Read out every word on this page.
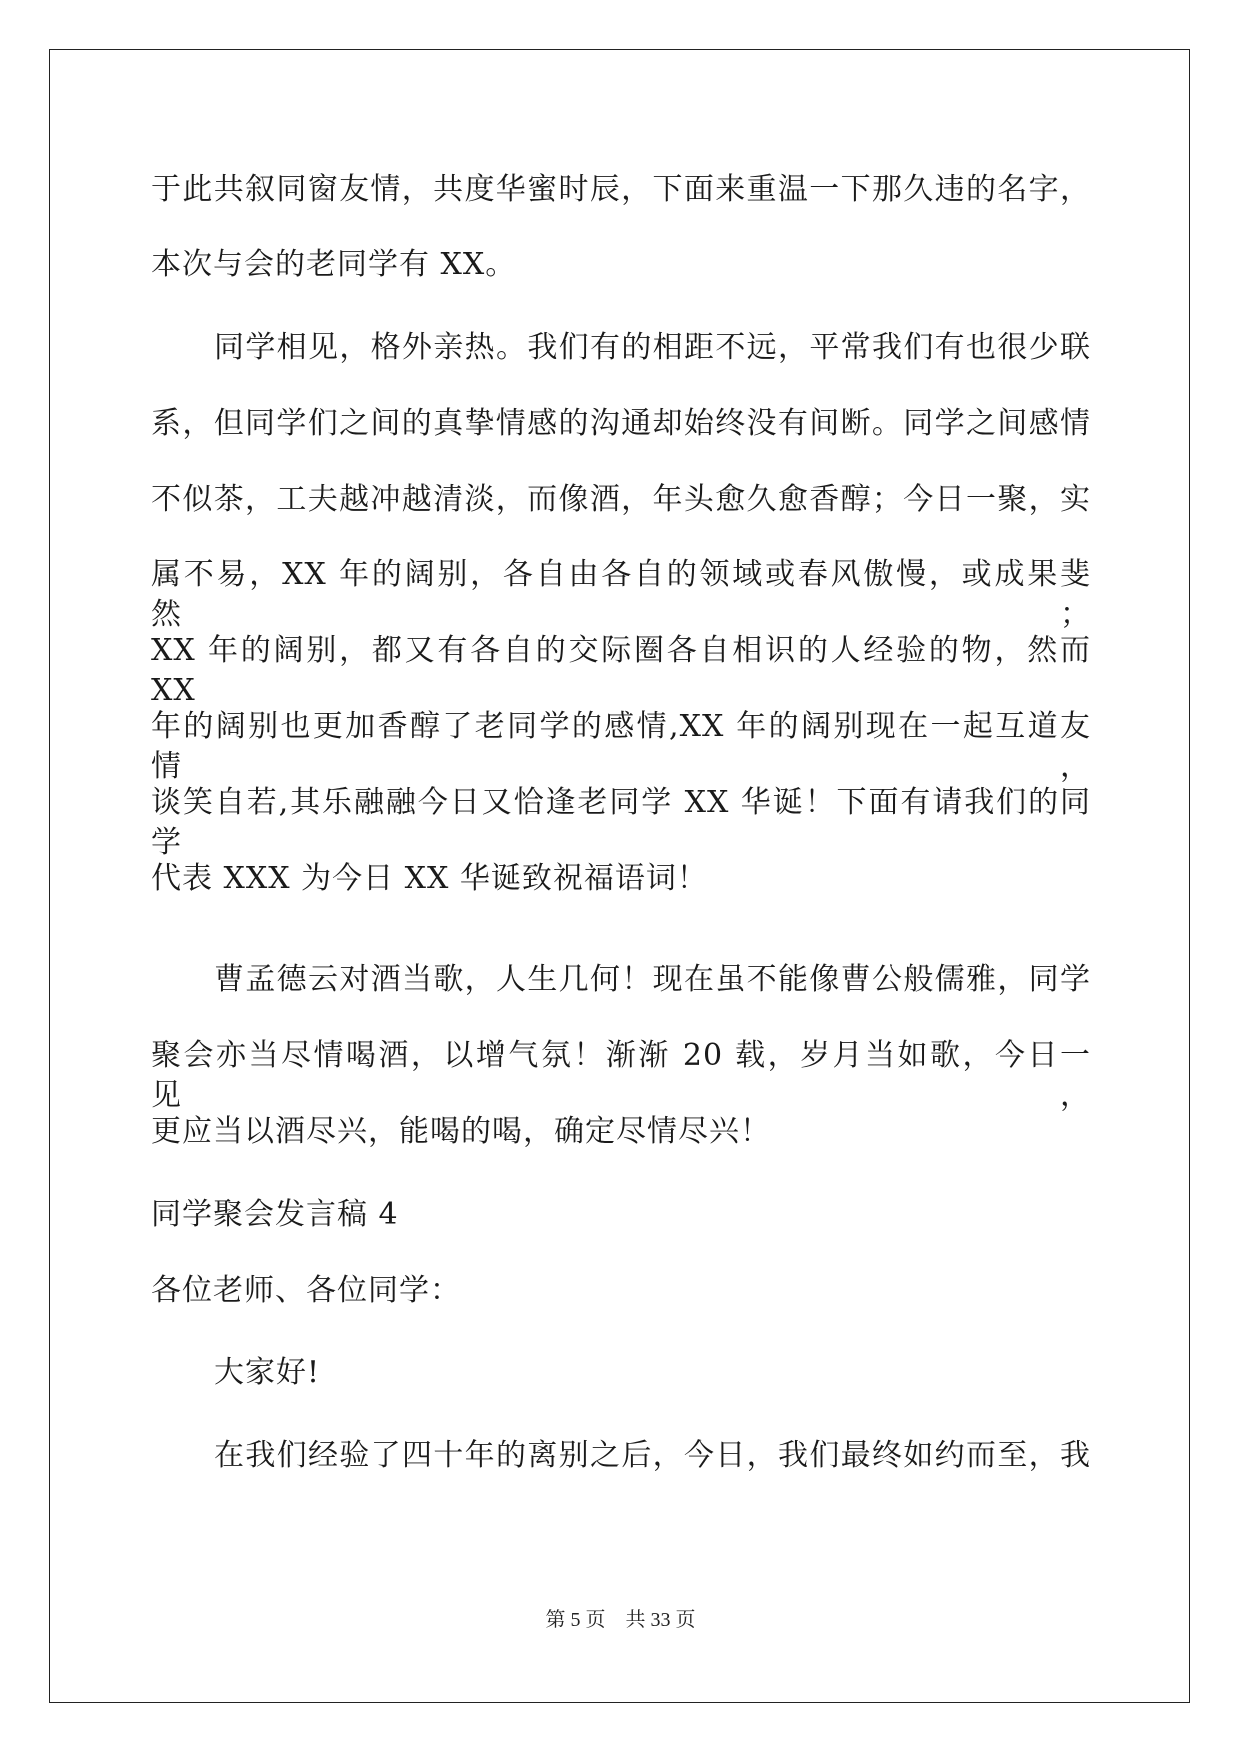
于此共叙同窗友情，共度华蜜时辰，下面来重温一下那久违的名字，
本次与会的老同学有 XX。
同学相见，格外亲热。我们有的相距不远，平常我们有也很少联
系，但同学们之间的真挚情感的沟通却始终没有间断。同学之间感情
不似茶，工夫越冲越清淡，而像酒，年头愈久愈香醇；今日一聚，实
属不易，XX 年的阔别，各自由各自的领域或春风傲慢，或成果斐然；
XX 年的阔别，都又有各自的交际圈各自相识的人经验的物，然而 XX
年的阔别也更加香醇了老同学的感情,XX 年的阔别现在一起互道友情，
谈笑自若,其乐融融今日又恰逢老同学 XX 华诞！下面有请我们的同学
代表 XXX 为今日 XX 华诞致祝福语词！
曹孟德云对酒当歌，人生几何！现在虽不能像曹公般儒雅，同学
聚会亦当尽情喝酒，以增气氛！渐渐 20 载，岁月当如歌，今日一见，
更应当以酒尽兴，能喝的喝，确定尽情尽兴！
同学聚会发言稿 4
各位老师、各位同学：
大家好!
在我们经验了四十年的离别之后，今日，我们最终如约而至，我
第 5 页 共 33 页
